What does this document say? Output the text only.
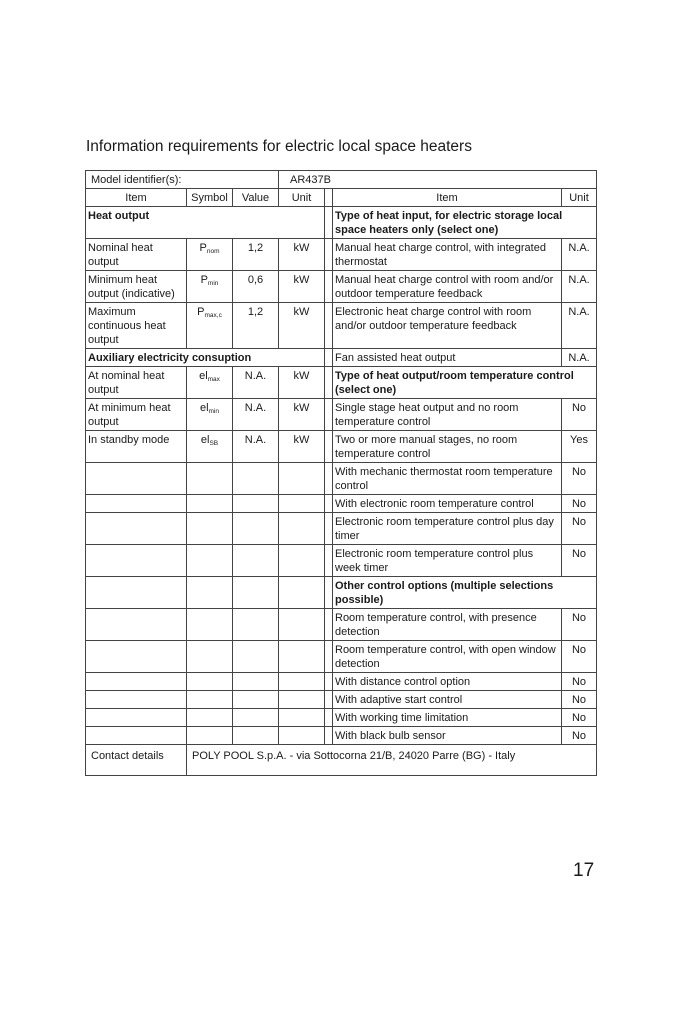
Information requirements for electric local space heaters
Model identifier(s):			AR437B			
Item	Symbol	Value	Unit		Item	Unit
Heat output					Type of heat input, for electric storage local space heaters only (select one)	
Nominal heat output	$P_{nom}$	1,2	kW		Manual heat charge control, with integrated thermostat	N.A.
Minimum heat output (indicative)	$P_{min}$	0,6	kW		Manual heat charge control with room and/or outdoor temperature feedback	N.A.
Maximum continuous heat output	$P_{max,c}$	1,2	kW		Electronic heat charge control with room and/or outdoor temperature feedback	N.A.
Auxiliary electricity consuption					Fan assisted heat output	N.A.
At nominal heat output	$el_{max}$	N.A.	kW		Type of heat output/room temperature control (select one)	
At minimum heat output	$el_{min}$	N.A.	kW		Single stage heat output and no room temperature control	No
In standby mode	$el_{SB}$	N.A.	kW		Two or more manual stages, no room temperature control	Yes
					With mechanic thermostat room temperature control	No
					With electronic room temperature control	No
					Electronic room temperature control plus day timer	No
					Electronic room temperature control plus week timer	No
					Other control options (multiple selections possible)	
					Room temperature control, with presence detection	No
					Room temperature control, with open window detection	No
					With distance control option	No
					With adaptive start control	No
					With working time limitation	No
					With black bulb sensor	No
Contact details	POLY POOL S.p.A. - via Sottocorna 21/B, 24020 Parre (BG) - Italy					
17
